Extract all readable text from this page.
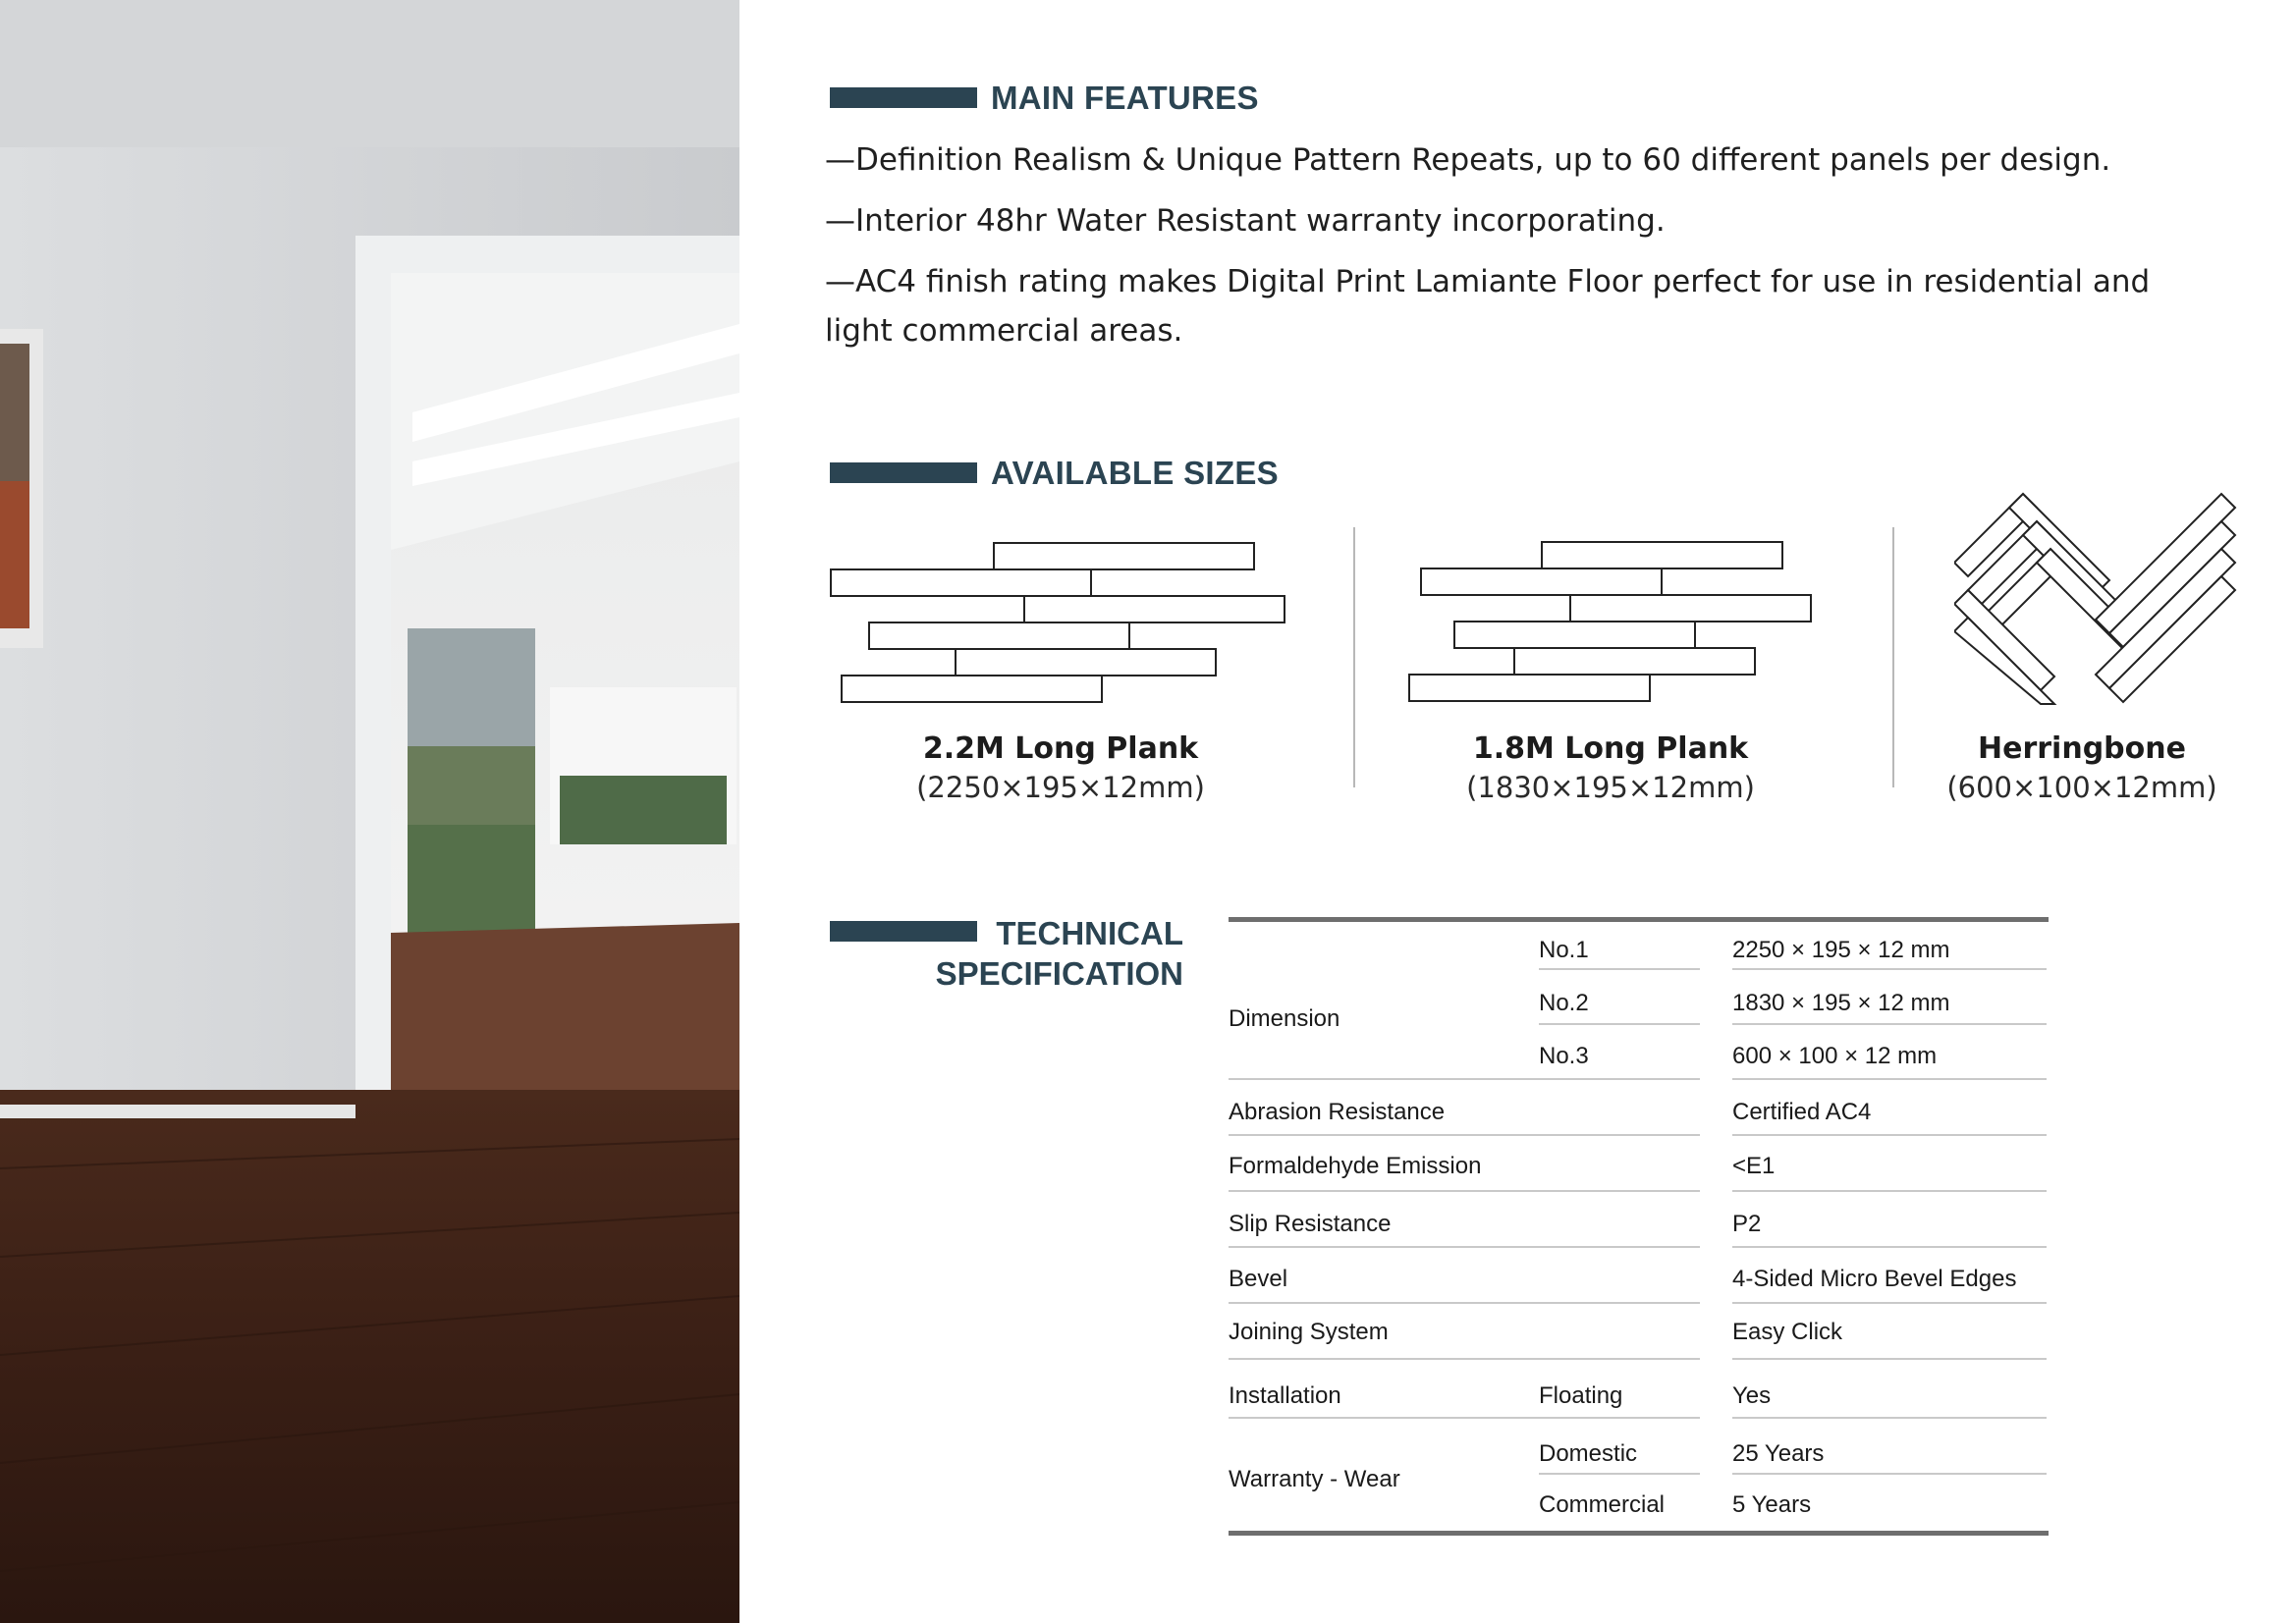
MAIN FEATURES

—Definition Realism & Unique Pattern Repeats, up to 60 different panels per design.

—Interior 48hr Water Resistant warranty incorporating.

—AC4 finish rating makes Digital Print Lamiante Floor perfect for use in residential and light commercial areas.

AVAILABLE SIZES
2.2M Long Plank
(2250×195×12mm)
1.8M Long Plank
(1830×195×12mm)
Herringbone
(600×100×12mm)
TECHNICAL
SPECIFICATION
Dimension
No.1	2250 × 195 × 12 mm
No.2	1830 × 195 × 12 mm
No.3	600 × 100 × 12 mm
Abrasion Resistance	Certified AC4
Formaldehyde Emission	<E1
Slip Resistance	P2
Bevel	4-Sided Micro Bevel Edges
Joining System	Easy Click
Installation	Floating	Yes
Warranty - Wear
Domestic	25 Years
Commercial	5 Years
